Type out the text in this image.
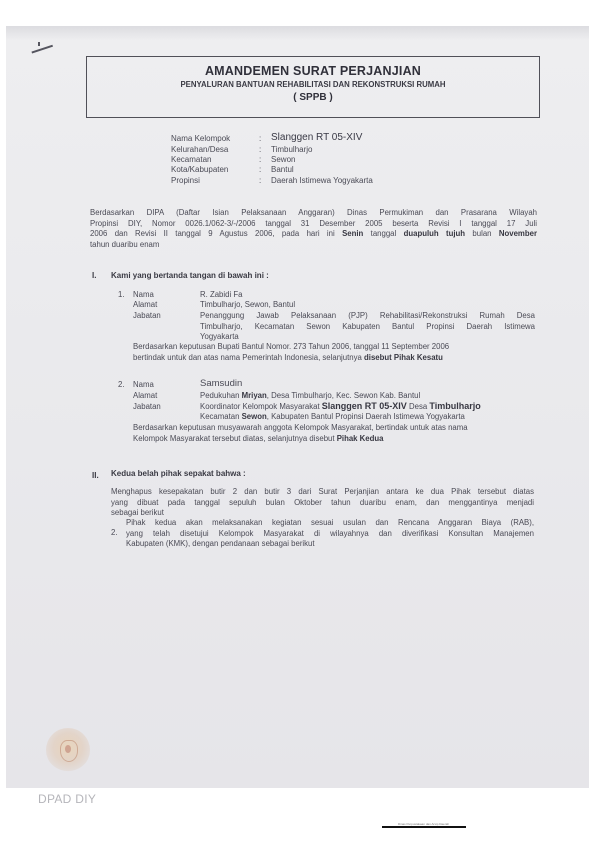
AMANDEMEN SURAT PERJANJIAN
PENYALURAN BANTUAN REHABILITASI DAN REKONSTRUKSI RUMAH
( SPPB )
Nama Kelompok	: Slanggen RT 05-XIV
Kelurahan/Desa	: Timbulharjo
Kecamatan	: Sewon
Kota/Kabupaten	: Bantul
Propinsi	: Daerah Istimewa Yogyakarta
Berdasarkan DIPA (Daftar Isian Pelaksanaan Anggaran) Dinas Permukiman dan Prasarana Wilayah
Propinsi DIY, Nomor 0026.1/062-3/-/2006 tanggal 31 Desember 2005 beserta Revisi I tanggal 17 Juli
2006 dan Revisi II tanggal 9 Agustus 2006, pada hari ini Senin tanggal duapuluh tujuh bulan November
tahun duaribu enam
I. Kami yang bertanda tangan di bawah ini :
1. Nama	R. Zabidi Fa
Alamat	Timbulharjo, Sewon, Bantul
Jabatan	Penanggung Jawab Pelaksanaan (PJP) Rehabilitasi/Rekonstruksi Rumah Desa
Timbulharjo, Kecamatan Sewon Kabupaten Bantul Propinsi Daerah Istimewa
Yogyakarta
Berdasarkan keputusan Bupati Bantul Nomor. 273 Tahun 2006, tanggal 11 September 2006
bertindak untuk dan atas nama Pemerintah Indonesia, selanjutnya disebut Pihak Kesatu
2. Nama	Samsudin
Alamat	Pedukuhan Mriyan, Desa Timbulharjo, Kec. Sewon Kab. Bantul
Jabatan	Koordinator Kelompok Masyarakat Slanggen RT 05-XIV Desa Timbulharjo
Kecamatan Sewon, Kabupaten Bantul Propinsi Daerah Istimewa Yogyakarta
Berdasarkan keputusan musyawarah anggota Kelompok Masyarakat, bertindak untuk atas nama
Kelompok Masyarakat tersebut diatas, selanjutnya disebut Pihak Kedua
II. Kedua belah pihak sepakat bahwa :
Menghapus kesepakatan butir 2 dan butir 3 dari Surat Perjanjian antara ke dua Pihak tersebut diatas
yang dibuat pada tanggal sepuluh bulan Oktober tahun duaribu enam, dan menggantinya menjadi
sebagai berikut
2.
Pihak kedua akan melaksanakan kegiatan sesuai usulan dan Rencana Anggaran Biaya (RAB),
yang telah disetujui Kelompok Masyarakat di wilayahnya dan diverifikasi Konsultan Manajemen
Kabupaten (KMK), dengan pendanaan sebagai berikut
DPAD DIY
Dinas Perpustakaan dan Arsip Daerah
